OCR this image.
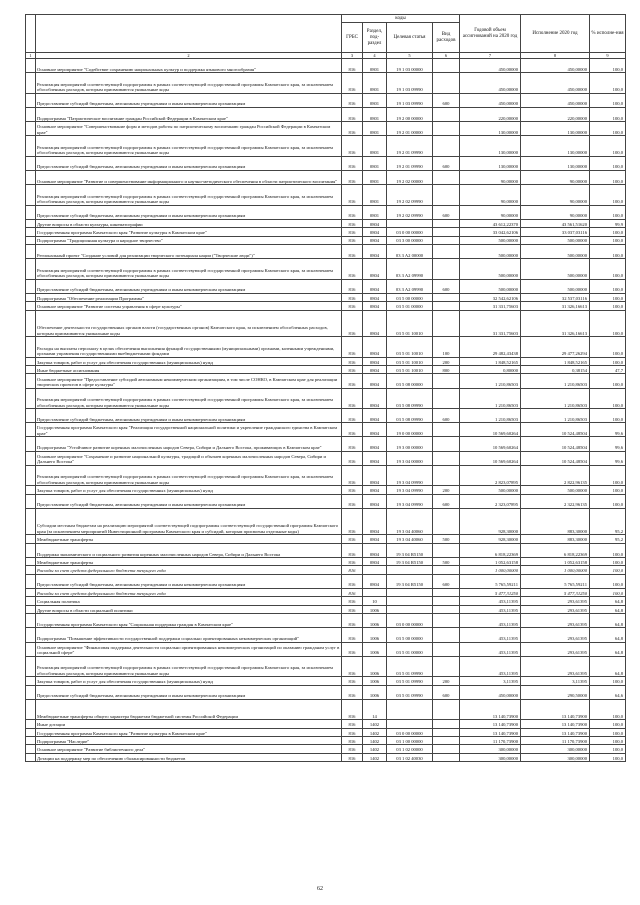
		коды				Годовой объем ассигнований на 2020 год	Исполнение 2020 год	% исполне-ния
		ГРБС	Раздел, под-раздел	Целевая статья	Вид расходов			
1	2	3	4	5	6	7	8	9
	Основное мероприятие "Содействие сохранению национальных культур и поддержка языкового многообразия"	816	0801	19 1 03 00000		450,00000	450,00000	100,0
	Реализация мероприятий соответствующей подпрограммы в рамках соответствующей государственной программы Камчатского края, за исключением обособленных расходов, которым присваиваются уникальные коды	816	0801	19 1 03 09990		450,00000	450,00000	100,0
	Предоставление субсидий бюджетным, автономным учреждениям и иным некоммерческим организациям	816	0801	19 1 03 09990	600	450,00000	450,00000	100,0
	Подпрограмма "Патриотическое воспитание граждан Российской Федерации в Камчатском крае"	816	0801	19 2 00 00000		220,00000	220,00000	100,0
	Основное мероприятие "Совершенствование форм и методов работы по патриотическому воспитанию граждан Российской Федерации в Камчатском крае"	816	0801	19 2 01 00000		130,00000	130,00000	100,0
	Реализация мероприятий соответствующей подпрограммы в рамках соответствующей государственной программы Камчатского края, за исключением обособленных расходов, которым присваиваются уникальные коды	816	0801	19 2 01 09990		130,00000	130,00000	100,0
	Предоставление субсидий бюджетным, автономным учреждениям и иным некоммерческим организациям	816	0801	19 2 01 09990	600	130,00000	130,00000	100,0
	Основное мероприятие "Развитие и совершенствование информационного и научно-методического обеспечения в области патриотического воспитания"	816	0801	19 2 02 00000		90,00000	90,00000	100,0
	Реализация мероприятий соответствующей подпрограммы в рамках соответствующей государственной программы Камчатского края, за исключением обособленных расходов, которым присваиваются уникальные коды	816	0801	19 2 02 09990		90,00000	90,00000	100,0
	Предоставление субсидий бюджетным, автономным учреждениям и иным некоммерческим организациям	816	0801	19 2 02 09990	600	90,00000	90,00000	100,0
	Другие вопросы в области культуры, кинематографии	816	0804			43 612,22370	43 561,51620	99,9
	Государственная программа Камчатского края "Развитие культуры в Камчатском крае"	816	0804	03 0 00 00000		33 042,62106	33 037,03116	100,0
	Подпрограмма "Традиционная культура и народное творчество"	816	0804	03 3 00 00000		500,00000	500,00000	100,0
	Региональный проект "Создание условий для реализации творческого потенциала нации ("Творческие люди")"	816	0804	03 3 A2 00000		500,00000	500,00000	100,0
	Реализация мероприятий соответствующей подпрограммы в рамках соответствующей государственной программы Камчатского края, за исключением обособленных расходов, которым присваиваются уникальные коды	816	0804	03 3 A2 09990		500,00000	500,00000	100,0
	Предоставление субсидий бюджетным, автономным учреждениям и иным некоммерческим организациям	816	0804	03 3 A2 09990	600	500,00000	500,00000	100,0
	Подпрограмма "Обеспечение реализации Программы"	816	0804	03 5 00 00000		32 542,62106	32 537,03116	100,0
	Основное мероприятие "Развитие системы управления в сфере культуры"	816	0804	03 5 01 00000		31 331,75603	31 326,16613	100,0
	Обеспечение деятельности государственных органов власти (государственных органов) Камчатского края, за исключением обособленных расходов, которым присваиваются уникальные коды	816	0804	03 5 01 10010		31 331,75603	31 326,16613	100,0
	Расходы на выплаты персоналу в целях обеспечения выполнения функций государственными (муниципальными) органами, казенными учреждениями, органами управления государственными внебюджетными фондами	816	0804	03 5 01 10010	100	29 482,43438	29 477,26294	100,0
	Закупка товаров, работ и услуг для обеспечения государственных (муниципальных) нужд	816	0804	03 5 01 10010	200	1 848,52165	1 848,52165	100,0
	Иные бюджетные ассигнования	816	0804	03 5 01 10010	800	0,80000	0,38154	47,7
	Основное мероприятие "Предоставление субсидий автономным некоммерческим организациям, в том числе СОНКО, в Камчатском крае для реализации творческих проектов в сфере культуры"	816	0804	03 5 08 00000		1 210,86503	1 210,86503	100,0
	Реализация мероприятий соответствующей подпрограммы в рамках соответствующей государственной программы Камчатского края, за исключением обособленных расходов, которым присваиваются уникальные коды	816	0804	03 5 08 09990		1 210,86503	1 210,86503	100,0
	Предоставление субсидий бюджетным, автономным учреждениям и иным некоммерческим организациям	816	0804	03 5 08 09990	600	1 210,86503	1 210,86503	100,0
	Государственная программа Камчатского края "Реализация государственной национальной политики и укрепление гражданского единства в Камчатском крае"	816	0804	19 0 00 00000		10 569,60264	10 524,48504	99,6
	Подпрограмма "Устойчивое развитие коренных малочисленных народов Севера, Сибири и Дальнего Востока, проживающих в Камчатском крае"	816	0804	19 3 00 00000		10 569,60264	10 524,48504	99,6
	Основное мероприятие "Сохранение и развитие национальной культуры, традиций и обычаев коренных малочисленных народов Севера, Сибири и Дальнего Востока"	816	0804	19 3 04 00000		10 569,60264	10 524,48504	99,6
	Реализация мероприятий соответствующей подпрограммы в рамках соответствующей государственной программы Камчатского края, за исключением обособленных расходов, которым присваиваются уникальные коды	816	0804	19 3 04 09990		2 823,07895	2 822,96135	100,0
	Закупка товаров, работ и услуг для обеспечения государственных (муниципальных) нужд	816	0804	19 3 04 09990	200	500,00000	500,00000	100,0
	Предоставление субсидий бюджетным, автономным учреждениям и иным некоммерческим организациям	816	0804	19 3 04 09990	600	2 323,07895	2 322,96135	100,0
	Субсидии местным бюджетам на реализацию мероприятий соответствующей подпрограммы соответствующей государственной программы Камчатского края (за исключением мероприятий Инвестиционной программы Камчатского края и субсидий, которым присвоены отдельные коды)	816	0804	19 3 04 40060		928,30000	883,30000	95,2
	Межбюджетные трансферты	816	0804	19 3 04 40060	500	928,30000	883,30000	95,2
	Поддержка экономического и социального развития коренных малочисленных народов Севера, Сибири и Дальнего Востока	816	0804	19 3 04 R5150		6 818,22369	6 818,22369	100,0
	Межбюджетные трансферты	816	0804	19 3 04 R5150	500	1 052,63158	1 052,63158	100,0
	Расходы за счет средств федерального бюджета текущего года	816				1 000,00000	1 000,00000	100,0
	Предоставление субсидий бюджетным, автономным учреждениям и иным некоммерческим организациям	816	0804	19 3 04 R5150	600	5 765,59211	5 765,59211	100,0
	Расходы за счет средств федерального бюджета текущего года	816				5 477,31250	5 477,31250	100,0
	Социальная политика	816	10			453,11395	293,61395	64,8
	Другие вопросы в области социальной политики	816	1006			453,11395	293,61395	64,8
	Государственная программа Камчатского края "Социальная поддержка граждан в Камчатском крае"	816	1006	03 0 00 00000		453,11395	293,61395	64,8
	Подпрограмма "Повышение эффективности государственной поддержки социально ориентированных некоммерческих организаций"	816	1006	03 5 00 00000		453,11395	293,61395	64,8
	Основное мероприятие "Финансовая поддержка деятельности социально ориентированных некоммерческих организаций по оказанию гражданам услуг в социальной сфере"	816	1006	03 5 01 00000		453,11395	293,61395	64,8
	Реализация мероприятий соответствующей подпрограммы в рамках соответствующей государственной программы Камчатского края, за исключением обособленных расходов, которым присваиваются уникальные коды	816	1006	03 5 01 09990		453,11395	293,61395	64,8
	Закупка товаров, работ и услуг для обеспечения государственных (муниципальных) нужд	816	1006	03 5 01 09990	200	3,11395	3,11395	100,0
	Предоставление субсидий бюджетным, автономным учреждениям и иным некоммерческим организациям	816	1006	03 5 01 09990	600	450,00000	290,50000	64,6
	Межбюджетные трансферты общего характера бюджетам бюджетной системы Российской Федерации	816	14			13 140,73900	13 140,73900	100,0
	Иные дотации	816	1402			13 140,73900	13 140,73900	100,0
	Государственная программа Камчатского края "Развитие культуры в Камчатском крае"	816	1402	03 0 00 00000		13 140,73900	13 140,73900	100,0
	Подпрограмма "Наследие"	816	1402	03 1 00 00000		11 170,73900	11 170,73900	100,0
	Основное мероприятие "Развитие библиотечного дела"	816	1402	03 1 02 00000		300,00000	300,00000	100,0
	Дотации на поддержку мер по обеспечению сбалансированности бюджетов	816	1402	03 1 02 40030		300,00000	300,00000	100,0
62
